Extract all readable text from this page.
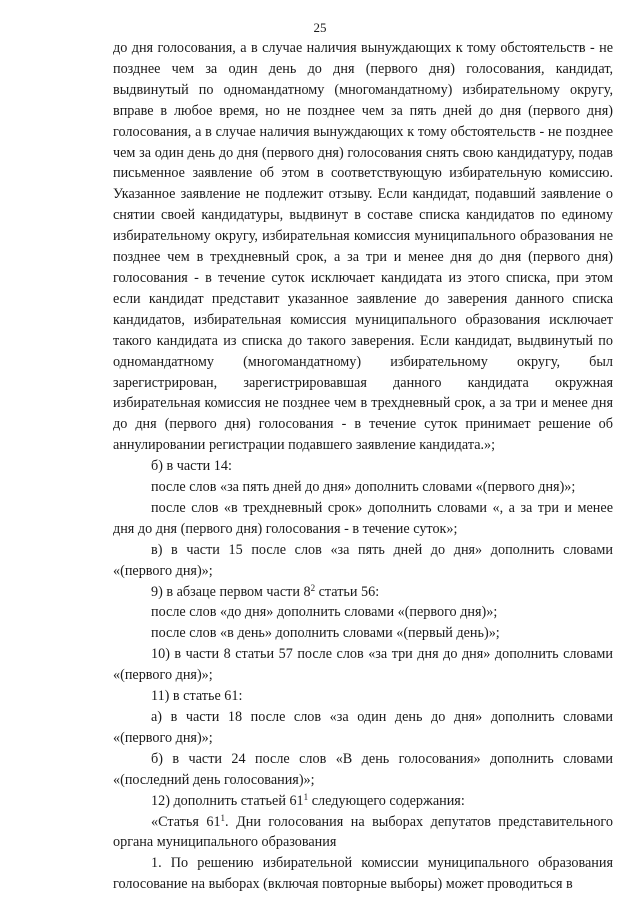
25

до дня голосования, а в случае наличия вынуждающих к тому обстоятельств - не позднее чем за один день до дня (первого дня) голосования, кандидат, выдвинутый по одномандатному (многомандатному) избирательному округу, вправе в любое время, но не позднее чем за пять дней до дня (первого дня) голосования, а в случае наличия вынуждающих к тому обстоятельств - не позднее чем за один день до дня (первого дня) голосования снять свою кандидатуру, подав письменное заявление об этом в соответствующую избирательную комиссию. Указанное заявление не подлежит отзыву. Если кандидат, подавший заявление о снятии своей кандидатуры, выдвинут в составе списка кандидатов по единому избирательному округу, избирательная комиссия муниципального образования не позднее чем в трехдневный срок, а за три и менее дня до дня (первого дня) голосования - в течение суток исключает кандидата из этого списка, при этом если кандидат представит указанное заявление до заверения данного списка кандидатов, избирательная комиссия муниципального образования исключает такого кандидата из списка до такого заверения. Если кандидат, выдвинутый по одномандатному (многомандатному) избирательному округу, был зарегистрирован, зарегистрировавшая данного кандидата окружная избирательная комиссия не позднее чем в трехдневный срок, а за три и менее дня до дня (первого дня) голосования - в течение суток принимает решение об аннулировании регистрации подавшего заявление кандидата.»;

б) в части 14:

после слов «за пять дней до дня» дополнить словами «(первого дня)»;

после слов «в трехдневный срок» дополнить словами «, а за три и менее дня до дня (первого дня) голосования - в течение суток»;

в) в части 15 после слов «за пять дней до дня» дополнить словами «(первого дня)»;

9) в абзаце первом части $8^2$ статьи 56:

после слов «до дня» дополнить словами «(первого дня)»;

после слов «в день» дополнить словами «(первый день)»;

10) в части 8 статьи 57 после слов «за три дня до дня» дополнить словами «(первого дня)»;

11) в статье 61:

а) в части 18 после слов «за один день до дня» дополнить словами «(первого дня)»;

б) в части 24 после слов «В день голосования» дополнить словами «(последний день голосования)»;

12) дополнить статьей $61^1$ следующего содержания:

«Статья $61^1$. Дни голосования на выборах депутатов представительного органа муниципального образования

1. По решению избирательной комиссии муниципального образования голосование на выборах (включая повторные выборы) может проводиться в
